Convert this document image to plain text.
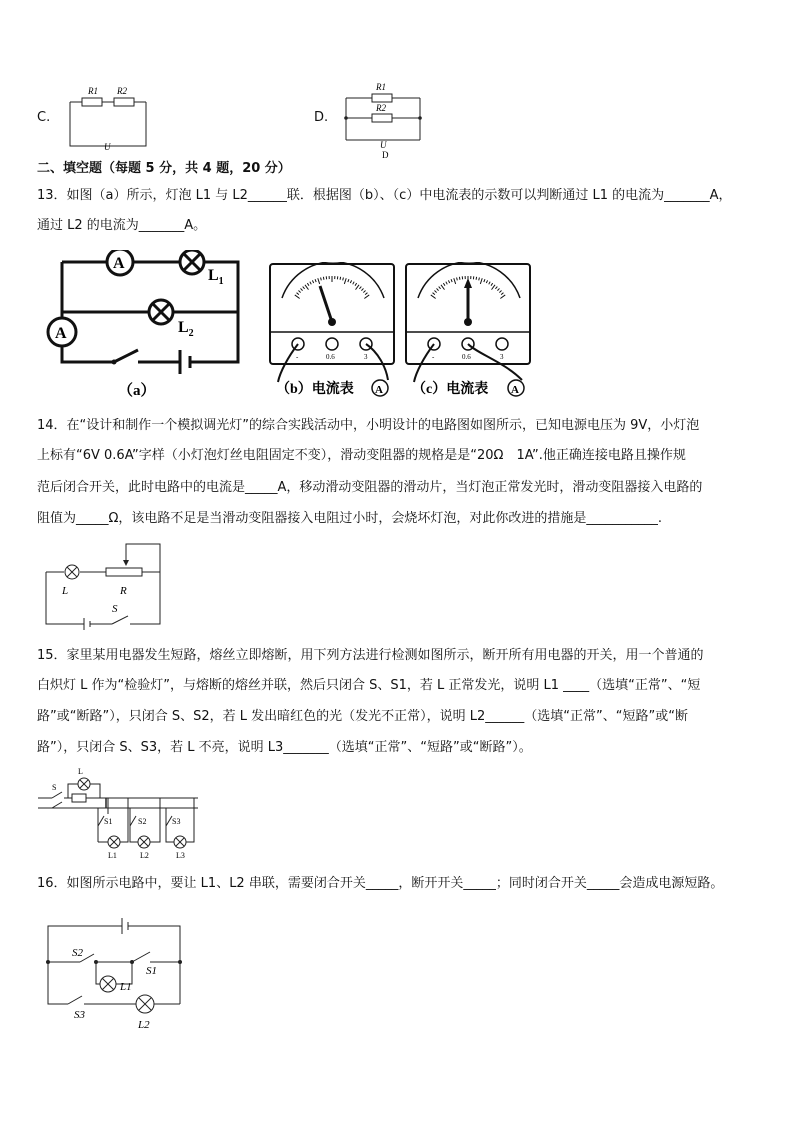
C.
R1 R2
U
D.
R1
R2
U
D
二、填空题（每题 5 分，共 4 题，20 分）
13．如图（a）所示，灯泡 L1 与 L2______联．根据图（b）、（c）中电流表的示数可以判断通过 L1 的电流为_______A，
通过 L2 的电流为_______A。
A
A
$L_1$
$L_2$
（a）
-	0.6	3
（b）电流表 A
-	0.6	3
（c）电流表 A
14．在“设计和制作一个模拟调光灯”的综合实践活动中，小明设计的电路图如图所示，已知电源电压为 9V，小灯泡
上标有“6V 0.6A”字样（小灯泡灯丝电阻固定不变），滑动变阻器的规格是是“20Ω　1A”.他正确连接电路且操作规
范后闭合开关，此时电路中的电流是_____A，移动滑动变阻器的滑动片，当灯泡正常发光时，滑动变阻器接入电路的
阻值为_____Ω，该电路不足是当滑动变阻器接入电阻过小时，会烧坏灯泡，对此你改进的措施是___________.
L	R
S
15．家里某用电器发生短路，熔丝立即熔断，用下列方法进行检测如图所示，断开所有用电器的开关，用一个普通的
白炽灯 L 作为“检验灯”，与熔断的熔丝并联，然后只闭合 S、S1，若 L 正常发光，说明 L1 ____（选填“正常”、“短
路”或“断路”），只闭合 S、S2，若 L 发出暗红色的光（发光不正常），说明 L2______（选填“正常”、“短路”或“断
路”），只闭合 S、S3，若 L 不亮，说明 L3_______（选填“正常”、“短路”或“断路”）。
L
S
S1	S2	S3
L1	L2	L3
16．如图所示电路中，要让 L1、L2 串联，需要闭合开关_____，断开开关_____；同时闭合开关_____会造成电源短路。
S2
S1
L1
S3
L2
